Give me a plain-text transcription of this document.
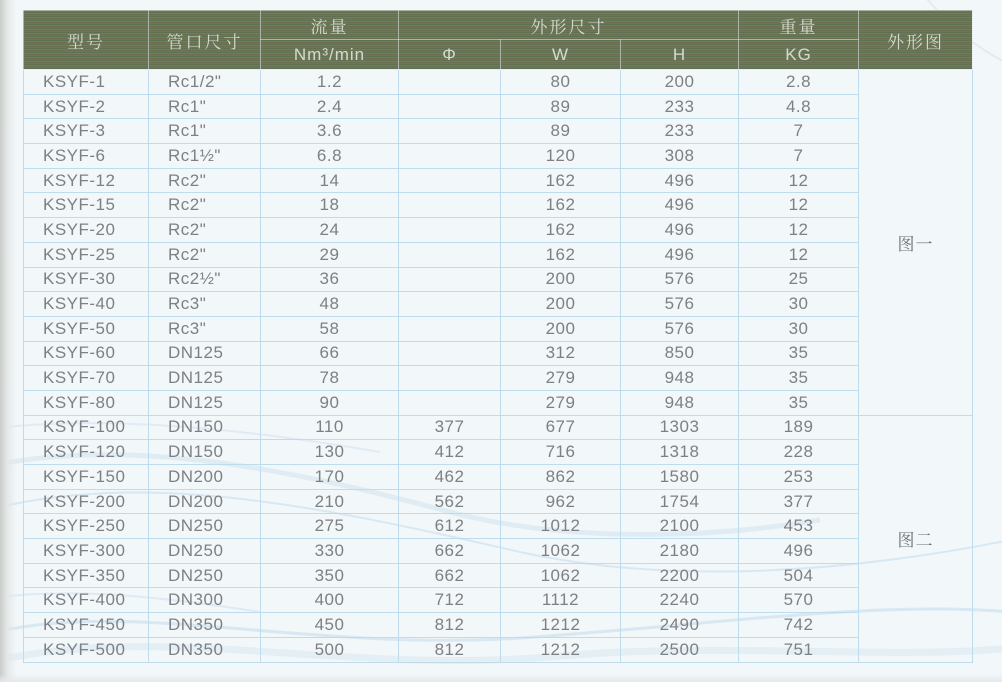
型号	管口尺寸	流量	外形尺寸			重量	外形图
		Nm³/min	Φ	W	H	KG	
KSYF-1	Rc1/2"	1.2		80	200	2.8	图一
KSYF-2	Rc1"	2.4		89	233	4.8	
KSYF-3	Rc1"	3.6		89	233	7	
KSYF-6	Rc1½"	6.8		120	308	7	
KSYF-12	Rc2"	14		162	496	12	
KSYF-15	Rc2"	18		162	496	12	
KSYF-20	Rc2"	24		162	496	12	
KSYF-25	Rc2"	29		162	496	12	
KSYF-30	Rc2½"	36		200	576	25	
KSYF-40	Rc3"	48		200	576	30	
KSYF-50	Rc3"	58		200	576	30	
KSYF-60	DN125	66		312	850	35	
KSYF-70	DN125	78		279	948	35	
KSYF-80	DN125	90		279	948	35	
KSYF-100	DN150	110	377	677	1303	189	图二
KSYF-120	DN150	130	412	716	1318	228	
KSYF-150	DN200	170	462	862	1580	253	
KSYF-200	DN200	210	562	962	1754	377	
KSYF-250	DN250	275	612	1012	2100	453	
KSYF-300	DN250	330	662	1062	2180	496	
KSYF-350	DN250	350	662	1062	2200	504	
KSYF-400	DN300	400	712	1112	2240	570	
KSYF-450	DN350	450	812	1212	2490	742	
KSYF-500	DN350	500	812	1212	2500	751	
